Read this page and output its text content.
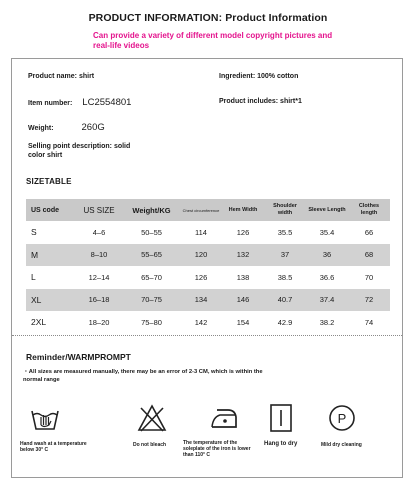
PRODUCT INFORMATION: Product Information
Can provide a variety of different model copyright pictures and real-life videos
Product name: shirt	Ingredient: 100% cotton
Item number: LC2554801	Product includes: shirt*1
Weight:	260G
Selling point description: solid color shirt
SIZETABLE
US code	US SIZE	Weight/KG	Chest circumference	Hem Width	Shoulder width	Sleeve Length	Clothes length
S	4–6	50–55	114	126	35.5	35.4	66
M	8–10	55–65	120	132	37	36	68
L	12–14	65–70	126	138	38.5	36.6	70
XL	16–18	70–75	134	146	40.7	37.4	72
2XL	18–20	75–80	142	154	42.9	38.2	74
Reminder/WARMPROMPT
・All sizes are measured manually, there may be an error of 2-3 CM, which is within the normal range
P
Hand wash at a temperature below 30° C
Do not bleach	The temperature of the soleplate of the iron is lower than 110° C
Hang to dry	Mild dry cleaning
